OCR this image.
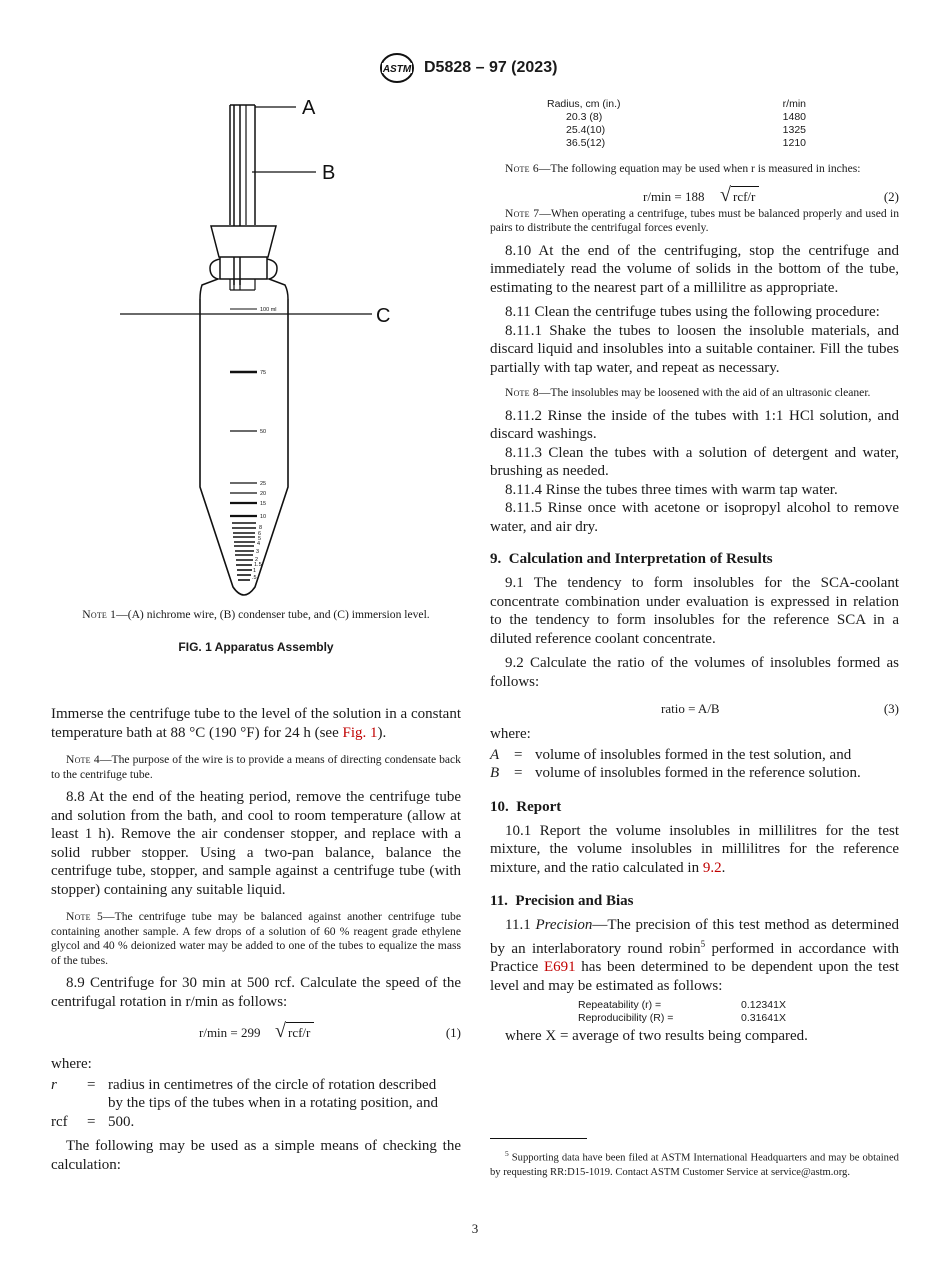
ASTM D5828 – 97 (2023)
100 ml
75
50
25
20
15
10
8
6
5
4
3
2
1.5
1
.5
A
B
C

Note 1—(A) nichrome wire, (B) condenser tube, and (C) immersion level.

FIG. 1 Apparatus Assembly

Immerse the centrifuge tube to the level of the solution in a constant temperature bath at 88 °C (190 °F) for 24 h (see Fig. 1).

Note 4—The purpose of the wire is to provide a means of directing condensate back to the centrifuge tube.

8.8 At the end of the heating period, remove the centrifuge tube and solution from the bath, and cool to room temperature (allow at least 1 h). Remove the air condenser stopper, and replace with a solid rubber stopper. Using a two-pan balance, balance the centrifuge tube, stopper, and sample against a centrifuge tube (with stopper) containing any suitable liquid.

Note 5—The centrifuge tube may be balanced against another centrifuge tube containing another sample. A few drops of a solution of 60 % reagent grade ethylene glycol and 40 % deionized water may be added to one of the tubes to equalize the mass of the tubes.

8.9 Centrifuge for 30 min at 500 rcf. Calculate the speed of the centrifugal rotation in r/min as follows:

r/min = 299 √ rcf/r	(1)
where:
r = radius in centimetres of the circle of rotation described
by the tips of the tubes when in a rotating position, and
rcf = 500.

The following may be used as a simple means of checking the calculation:

Radius, cm (in.)	r/min
20.3 (8)	1480
25.4(10)	1325
36.5(12)	1210

Note 6—The following equation may be used when r is measured in inches:

r/min = 188 √ rcf/r	(2)

Note 7—When operating a centrifuge, tubes must be balanced properly and used in pairs to distribute the centrifugal forces evenly.

8.10 At the end of the centrifuging, stop the centrifuge and immediately read the volume of solids in the bottom of the tube, estimating to the nearest part of a millilitre as appropriate.

8.11 Clean the centrifuge tubes using the following procedure:

8.11.1 Shake the tubes to loosen the insoluble materials, and discard liquid and insolubles into a suitable container. Fill the tubes partially with tap water, and repeat as necessary.

Note 8—The insolubles may be loosened with the aid of an ultrasonic cleaner.

8.11.2 Rinse the inside of the tubes with 1:1 HCl solution, and discard washings.

8.11.3 Clean the tubes with a solution of detergent and water, brushing as needed.

8.11.4 Rinse the tubes three times with warm tap water.

8.11.5 Rinse once with acetone or isopropyl alcohol to remove water, and air dry.

9.  Calculation and Interpretation of Results

9.1 The tendency to form insolubles for the SCA-coolant concentrate combination under evaluation is expressed in relation to the tendency to form insolubles for the reference SCA in a diluted reference coolant concentrate.

9.2 Calculate the ratio of the volumes of insolubles formed as follows:

ratio = A/B	(3)
where:
A = volume of insolubles formed in the test solution, and
B = volume of insolubles formed in the reference solution.
10.  Report

10.1 Report the volume insolubles in millilitres for the test mixture, the volume insolubles in millilitres for the reference mixture, and the ratio calculated in 9.2.

11.  Precision and Bias

11.1 Precision—The precision of this test method as determined by an interlaboratory round robin$^5$ performed in accordance with Practice E691 has been determined to be dependent upon the test level and may be estimated as follows:

Repeatability (r) =	0.12341X
Reproducibility (R) =	0.31641X

where X = average of two results being compared.

$^5$ Supporting data have been filed at ASTM International Headquarters and may be obtained by requesting RR:D15-1019. Contact ASTM Customer Service at service@astm.org.

3
